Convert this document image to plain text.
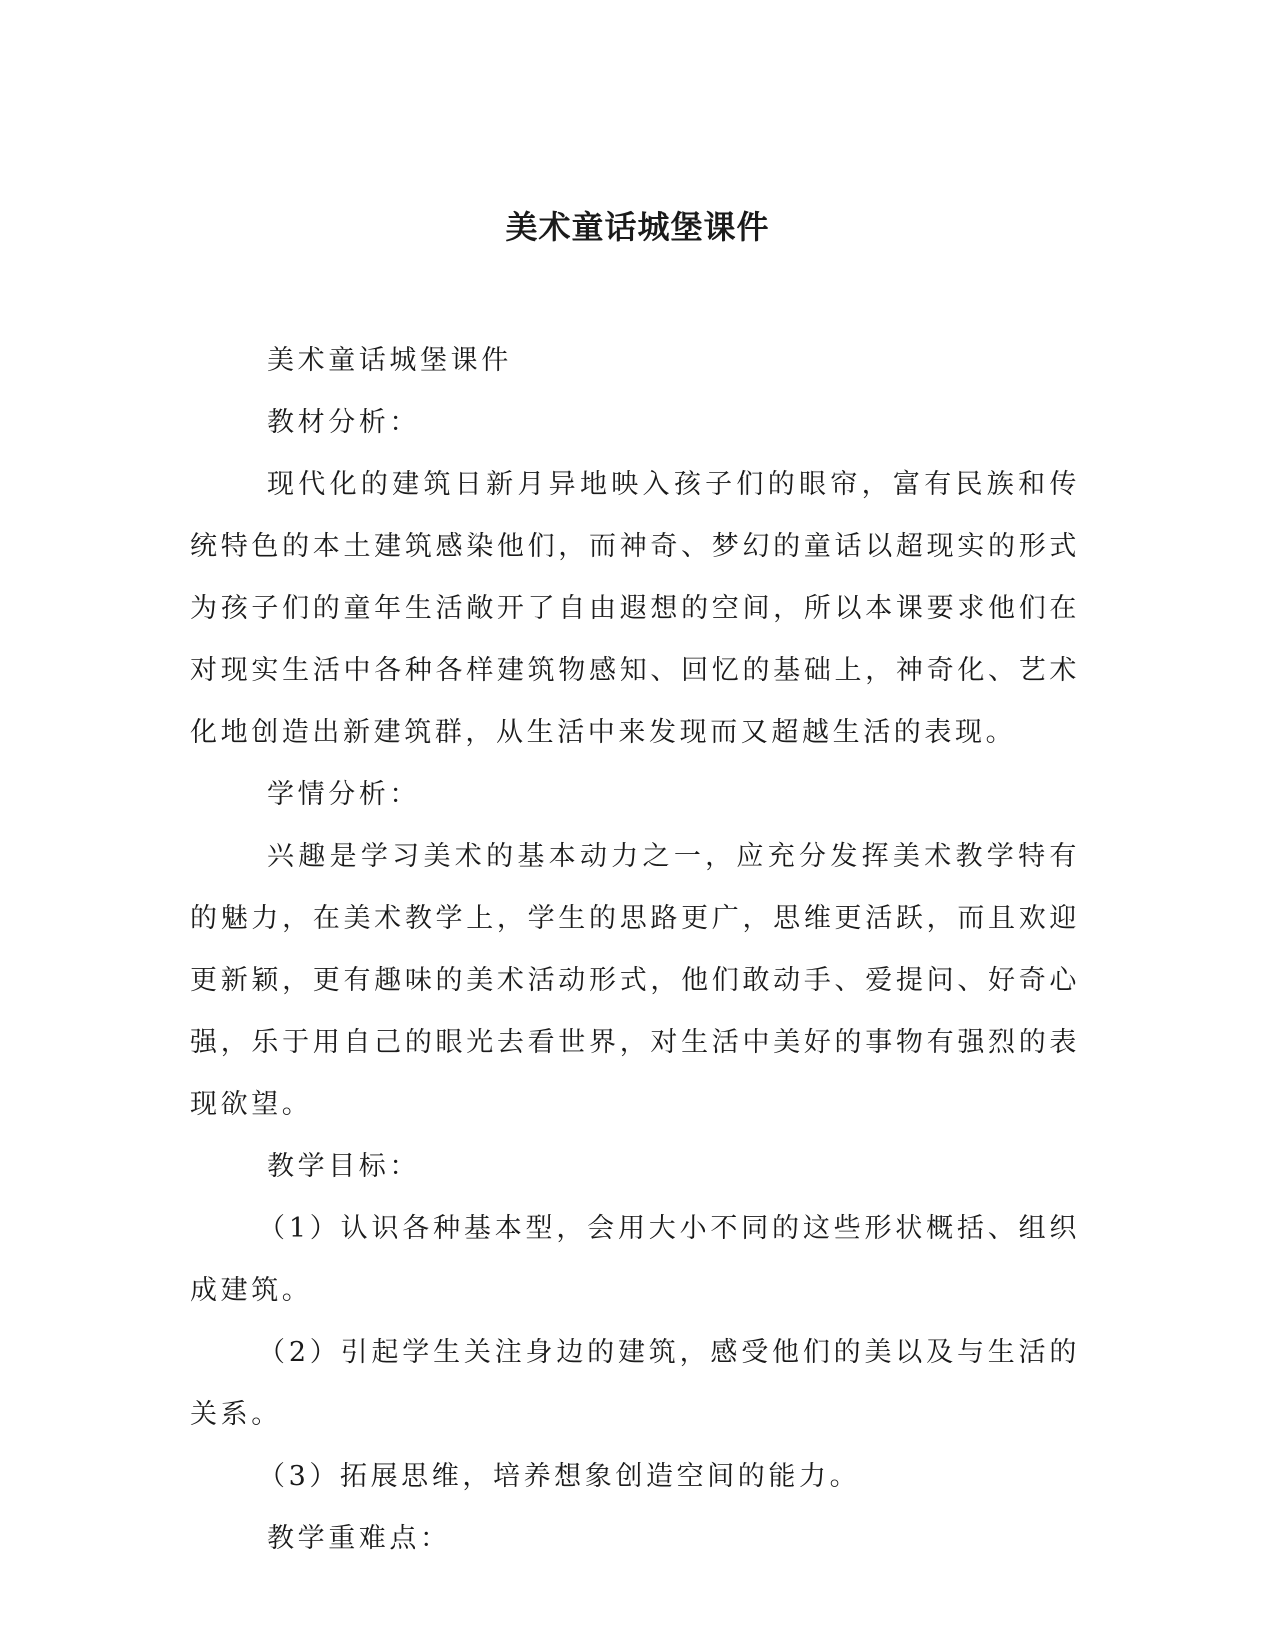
美术童话城堡课件

美术童话城堡课件

教材分析：

现代化的建筑日新月异地映入孩子们的眼帘，富有民族和传统特色的本土建筑感染他们，而神奇、梦幻的童话以超现实的形式为孩子们的童年生活敞开了自由遐想的空间，所以本课要求他们在对现实生活中各种各样建筑物感知、回忆的基础上，神奇化、艺术化地创造出新建筑群，从生活中来发现而又超越生活的表现。

学情分析：

兴趣是学习美术的基本动力之一，应充分发挥美术教学特有的魅力，在美术教学上，学生的思路更广，思维更活跃，而且欢迎更新颖，更有趣味的美术活动形式，他们敢动手、爱提问、好奇心强，乐于用自己的眼光去看世界，对生活中美好的事物有强烈的表现欲望。

教学目标：

（1）认识各种基本型，会用大小不同的这些形状概括、组织成建筑。

（2）引起学生关注身边的建筑，感受他们的美以及与生活的关系。

（3）拓展思维，培养想象创造空间的能力。

教学重难点：
